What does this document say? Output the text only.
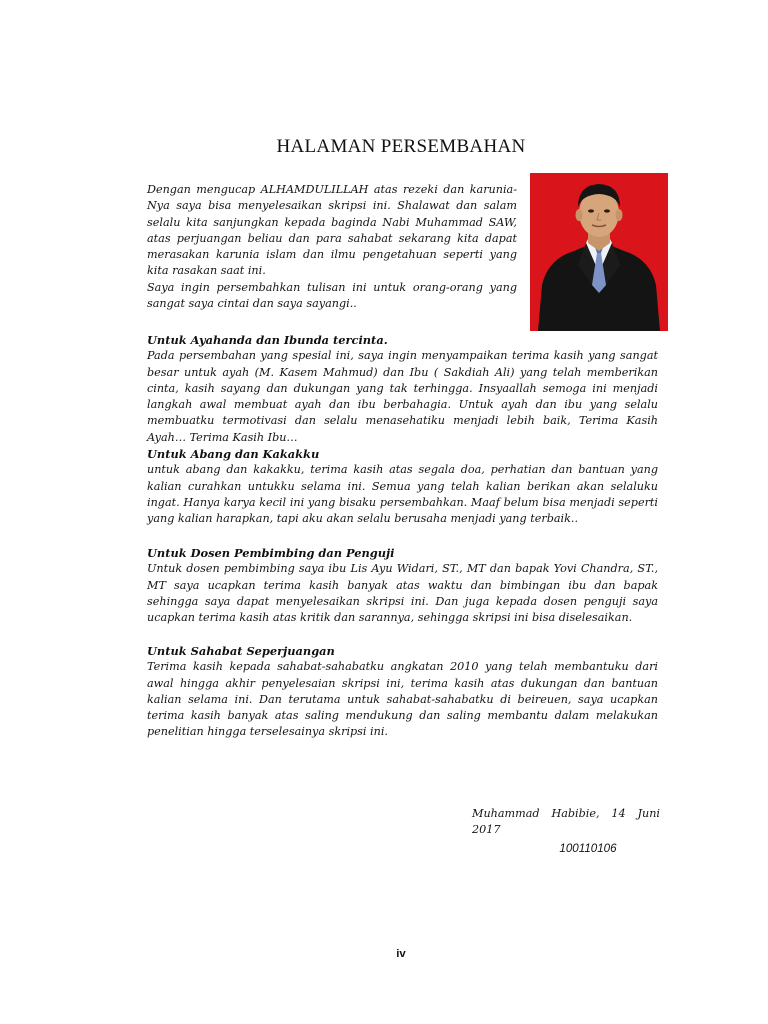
HALAMAN PERSEMBAHAN

Dengan mengucap ALHAMDULILLAH atas rezeki dan karunia-Nya saya bisa menyelesaikan skripsi ini. Shalawat dan salam selalu kita sanjungkan kepada baginda Nabi Muhammad SAW, atas perjuangan beliau dan para sahabat sekarang kita dapat merasakan karunia islam dan ilmu pengetahuan seperti yang kita rasakan saat ini.

Saya ingin persembahkan tulisan ini untuk orang-orang yang sangat saya cintai dan saya sayangi..

Untuk Ayahanda dan Ibunda tercinta.

Pada persembahan yang spesial ini, saya ingin menyampaikan terima kasih yang sangat besar untuk ayah (M. Kasem Mahmud) dan Ibu ( Sakdiah Ali) yang telah memberikan cinta, kasih sayang dan dukungan yang tak terhingga. Insyaallah semoga ini menjadi langkah awal membuat ayah dan ibu berbahagia. Untuk ayah dan ibu yang selalu membuatku termotivasi dan selalu menasehatiku menjadi lebih baik, Terima Kasih Ayah… Terima Kasih Ibu…

Untuk Abang dan Kakakku

untuk abang dan kakakku, terima kasih atas segala doa, perhatian dan bantuan yang kalian curahkan untukku selama ini. Semua yang telah kalian berikan akan selaluku ingat. Hanya karya kecil ini yang bisaku persembahkan. Maaf belum bisa menjadi seperti yang kalian harapkan, tapi aku akan selalu berusaha menjadi yang terbaik..

Untuk Dosen Pembimbing dan Penguji

Untuk dosen pembimbing saya ibu Lis Ayu Widari, ST., MT dan bapak Yovi Chandra, ST., MT saya ucapkan terima kasih banyak atas waktu dan bimbingan ibu dan bapak sehingga saya dapat menyelesaikan skripsi ini. Dan juga kepada dosen penguji saya ucapkan terima kasih atas kritik dan sarannya, sehingga skripsi ini bisa diselesaikan.

Untuk Sahabat Seperjuangan

Terima kasih kepada sahabat-sahabatku angkatan 2010 yang telah membantuku dari awal hingga akhir penyelesaian skripsi ini, terima kasih atas dukungan dan bantuan kalian selama ini. Dan terutama untuk sahabat-sahabatku di beireuen, saya ucapkan terima kasih banyak atas saling mendukung dan saling membantu dalam melakukan penelitian hingga terselesainya skripsi ini.

Muhammad Habibie, 14 Juni

2017

100110106

iv
